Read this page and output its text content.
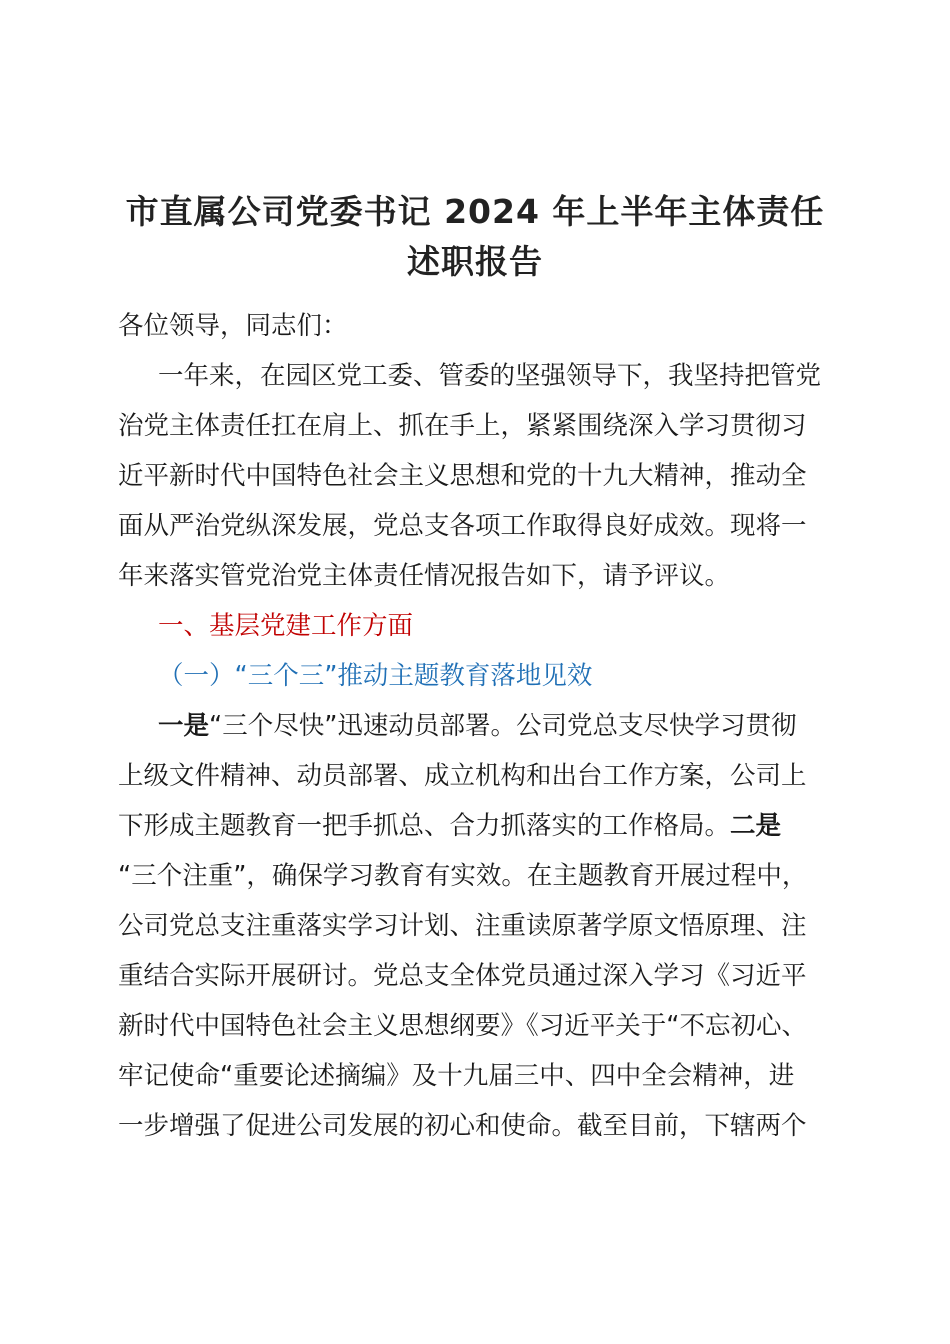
市直属公司党委书记 2024 年上半年主体责任
述职报告
各位领导，同志们：
一年来，在园区党工委、管委的坚强领导下，我坚持把管党
治党主体责任扛在肩上、抓在手上，紧紧围绕深入学习贯彻习
近平新时代中国特色社会主义思想和党的十九大精神，推动全
面从严治党纵深发展，党总支各项工作取得良好成效。现将一
年来落实管党治党主体责任情况报告如下，请予评议。
一、基层党建工作方面
（一）“三个三”推动主题教育落地见效
一是“三个尽快”迅速动员部署。公司党总支尽快学习贯彻
上级文件精神、动员部署、成立机构和出台工作方案，公司上
下形成主题教育一把手抓总、合力抓落实的工作格局。二是
“三个注重”，确保学习教育有实效。在主题教育开展过程中，
公司党总支注重落实学习计划、注重读原著学原文悟原理、注
重结合实际开展研讨。党总支全体党员通过深入学习《习近平
新时代中国特色社会主义思想纲要》《习近平关于“不忘初心、
牢记使命“重要论述摘编》及十九届三中、四中全会精神，进
一步增强了促进公司发展的初心和使命。截至目前，下辖两个
